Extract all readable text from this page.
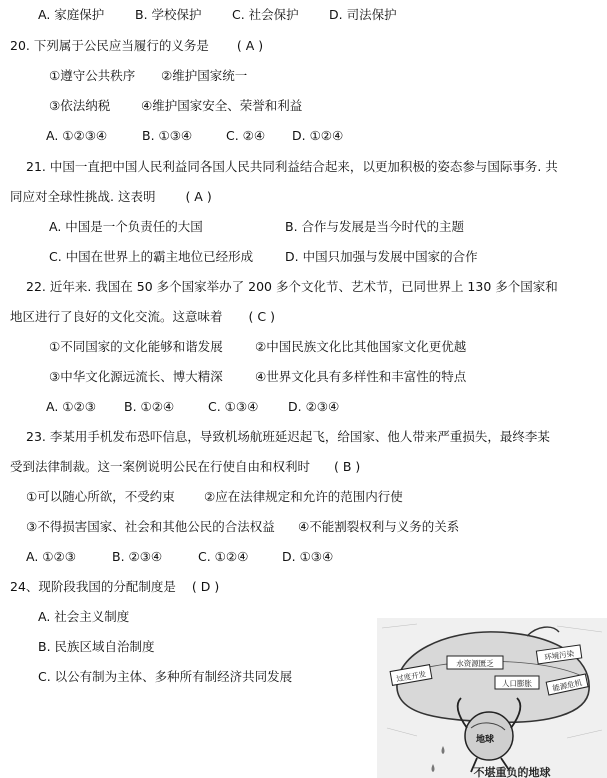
A. 家庭保护 B. 学校保护 C. 社会保护 D. 司法保护
20. 下列属于公民应当履行的义务是 ( A )
①遵守公共秩序 ②维护国家统一
③依法纳税 ④维护国家安全、荣誉和利益
A. ①②③④	B. ①③④	C. ②④ D. ①②④
21. 中国一直把中国人民利益同各国人民共同利益结合起来，以更加积极的姿态参与国际事务. 共
同应对全球性挑战. 这表明 ( A )
A. 中国是一个负责任的大国	B. 合作与发展是当今时代的主题
C. 中国在世界上的霸主地位已经形成	D. 中国只加强与发展中国家的合作
22. 近年来. 我国在 50 多个国家举办了 200 多个文化节、艺术节，已同世界上 130 多个国家和
地区进行了良好的文化交流。这意味着 ( C )
①不同国家的文化能够和谐发展	②中国民族文化比其他国家文化更优越
③中华文化源远流长、博大精深	④世界文化具有多样性和丰富性的特点
A. ①②③ B. ①②④	C. ①③④ D. ②③④
23. 李某用手机发布恐吓信息，导致机场航班延迟起飞，给国家、他人带来严重损失，最终李某
受到法律制裁。这一案例说明公民在行使自由和权利时 ( B )
①可以随心所欲，不受约束 ②应在法律规定和允许的范围内行使
③不得损害国家、社会和其他公民的合法权益 ④不能割裂权利与义务的关系
A. ①②③	B. ②③④	C. ①②④	D. ①③④
24、现阶段我国的分配制度是 ( D )
A. 社会主义制度
B. 民族区域自治制度
C. 以公有制为主体、多种所有制经济共同发展	过度开发
水资源匮乏
环境污染
人口膨胀	能源危机
地球
不堪重负的地球
